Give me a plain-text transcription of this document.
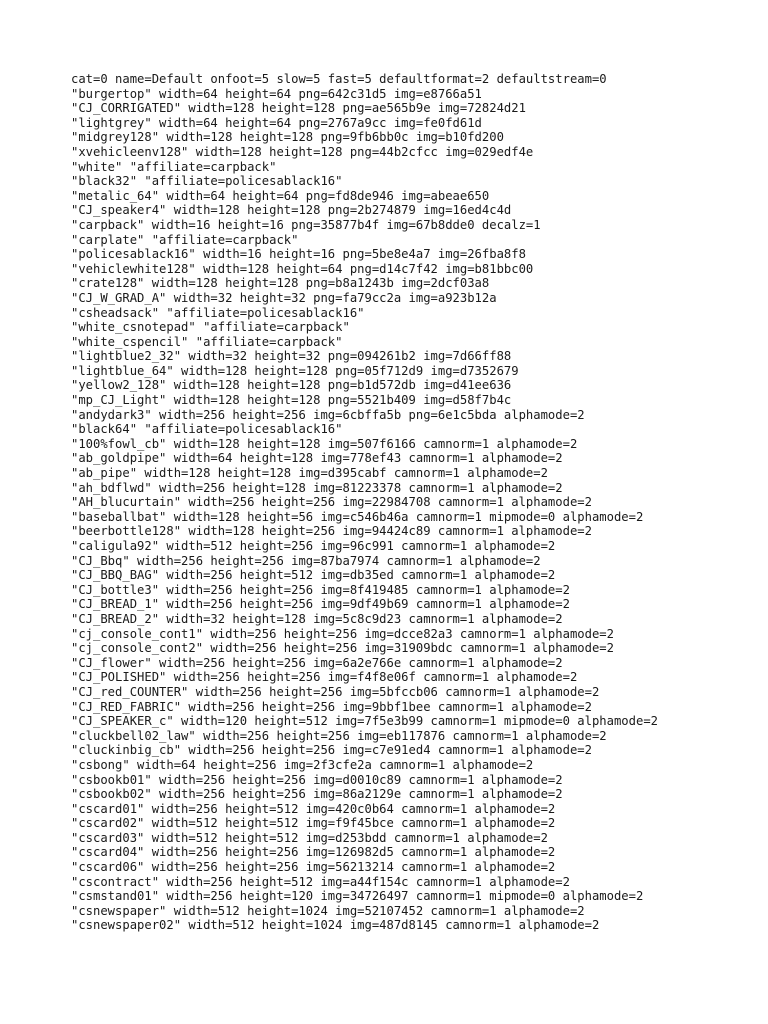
cat=0 name=Default onfoot=5 slow=5 fast=5 defaultformat=2 defaultstream=0
"burgertop" width=64 height=64 png=642c31d5 img=e8766a51
"CJ_CORRIGATED" width=128 height=128 png=ae565b9e img=72824d21
"lightgrey" width=64 height=64 png=2767a9cc img=fe0fd61d
"midgrey128" width=128 height=128 png=9fb6bb0c img=b10fd200
"xvehicleenv128" width=128 height=128 png=44b2cfcc img=029edf4e
"white" "affiliate=carpback"
"black32" "affiliate=policesablack16"
"metalic_64" width=64 height=64 png=fd8de946 img=abeae650
"CJ_speaker4" width=128 height=128 png=2b274879 img=16ed4c4d
"carpback" width=16 height=16 png=35877b4f img=67b8dde0 decalz=1
"carplate" "affiliate=carpback"
"policesablack16" width=16 height=16 png=5be8e4a7 img=26fba8f8
"vehiclewhite128" width=128 height=64 png=d14c7f42 img=b81bbc00
"crate128" width=128 height=128 png=b8a1243b img=2dcf03a8
"CJ_W_GRAD_A" width=32 height=32 png=fa79cc2a img=a923b12a
"csheadsack" "affiliate=policesablack16"
"white_csnotepad" "affiliate=carpback"
"white_cspencil" "affiliate=carpback"
"lightblue2_32" width=32 height=32 png=094261b2 img=7d66ff88
"lightblue_64" width=128 height=128 png=05f712d9 img=d7352679
"yellow2_128" width=128 height=128 png=b1d572db img=d41ee636
"mp_CJ_Light" width=128 height=128 png=5521b409 img=d58f7b4c
"andydark3" width=256 height=256 img=6cbffa5b png=6e1c5bda alphamode=2
"black64" "affiliate=policesablack16"
"100%fowl_cb" width=128 height=128 img=507f6166 camnorm=1 alphamode=2
"ab_goldpipe" width=64 height=128 img=778ef43 camnorm=1 alphamode=2
"ab_pipe" width=128 height=128 img=d395cabf camnorm=1 alphamode=2
"ah_bdflwd" width=256 height=128 img=81223378 camnorm=1 alphamode=2
"AH_blucurtain" width=256 height=256 img=22984708 camnorm=1 alphamode=2
"baseballbat" width=128 height=56 img=c546b46a camnorm=1 mipmode=0 alphamode=2
"beerbottle128" width=128 height=256 img=94424c89 camnorm=1 alphamode=2
"caligula92" width=512 height=256 img=96c991 camnorm=1 alphamode=2
"CJ_Bbq" width=256 height=256 img=87ba7974 camnorm=1 alphamode=2
"CJ_BBQ_BAG" width=256 height=512 img=db35ed camnorm=1 alphamode=2
"CJ_bottle3" width=256 height=256 img=8f419485 camnorm=1 alphamode=2
"CJ_BREAD_1" width=256 height=256 img=9df49b69 camnorm=1 alphamode=2
"CJ_BREAD_2" width=32 height=128 img=5c8c9d23 camnorm=1 alphamode=2
"cj_console_cont1" width=256 height=256 img=dcce82a3 camnorm=1 alphamode=2
"cj_console_cont2" width=256 height=256 img=31909bdc camnorm=1 alphamode=2
"CJ_flower" width=256 height=256 img=6a2e766e camnorm=1 alphamode=2
"CJ_POLISHED" width=256 height=256 img=f4f8e06f camnorm=1 alphamode=2
"CJ_red_COUNTER" width=256 height=256 img=5bfccb06 camnorm=1 alphamode=2
"CJ_RED_FABRIC" width=256 height=256 img=9bbf1bee camnorm=1 alphamode=2
"CJ_SPEAKER_c" width=120 height=512 img=7f5e3b99 camnorm=1 mipmode=0 alphamode=2
"cluckbell02_law" width=256 height=256 img=eb117876 camnorm=1 alphamode=2
"cluckinbig_cb" width=256 height=256 img=c7e91ed4 camnorm=1 alphamode=2
"csbong" width=64 height=256 img=2f3cfe2a camnorm=1 alphamode=2
"csbookb01" width=256 height=256 img=d0010c89 camnorm=1 alphamode=2
"csbookb02" width=256 height=256 img=86a2129e camnorm=1 alphamode=2
"cscard01" width=256 height=512 img=420c0b64 camnorm=1 alphamode=2
"cscard02" width=512 height=512 img=f9f45bce camnorm=1 alphamode=2
"cscard03" width=512 height=512 img=d253bdd camnorm=1 alphamode=2
"cscard04" width=256 height=256 img=126982d5 camnorm=1 alphamode=2
"cscard06" width=256 height=256 img=56213214 camnorm=1 alphamode=2
"cscontract" width=256 height=512 img=a44f154c camnorm=1 alphamode=2
"csmstand01" width=256 height=120 img=34726497 camnorm=1 mipmode=0 alphamode=2
"csnewspaper" width=512 height=1024 img=52107452 camnorm=1 alphamode=2
"csnewspaper02" width=512 height=1024 img=487d8145 camnorm=1 alphamode=2
